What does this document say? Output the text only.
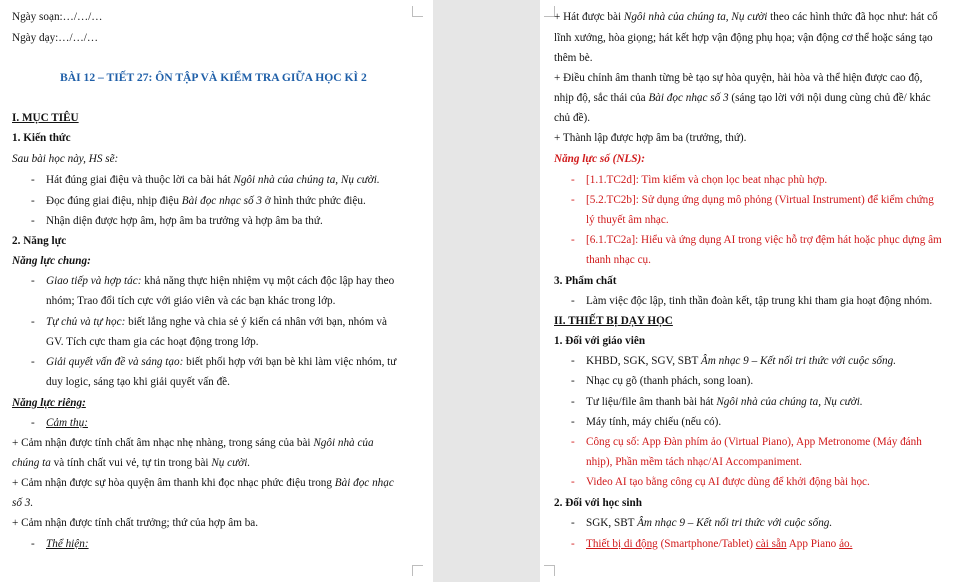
Ngày soạn:…/…/…
Ngày dạy:…/…/…
BÀI 12 – TIẾT 27: ÔN TẬP VÀ KIỂM TRA GIỮA HỌC KÌ 2
I. MỤC TIÊU
1. Kiến thức
Sau bài học này, HS sẽ:
- Hát đúng giai điệu và thuộc lời ca bài hát Ngôi nhà của chúng ta, Nụ cười.
- Đọc đúng giai điệu, nhịp điệu Bài đọc nhạc số 3 ở hình thức phức điệu.
- Nhận diện được hợp âm, hợp âm ba trưởng và hợp âm ba thứ.
2. Năng lực
Năng lực chung:
- Giao tiếp và hợp tác: khả năng thực hiện nhiệm vụ một cách độc lập hay theo
nhóm; Trao đổi tích cực với giáo viên và các bạn khác trong lớp.
- Tự chủ và tự học: biết lắng nghe và chia sẻ ý kiến cá nhân với bạn, nhóm và
GV. Tích cực tham gia các hoạt động trong lớp.
- Giải quyết vấn đề và sáng tạo: biết phối hợp với bạn bè khi làm việc nhóm, tư
duy logic, sáng tạo khi giải quyết vấn đề.
Năng lực riêng:
- Cảm thụ:
+ Cảm nhận được tính chất âm nhạc nhẹ nhàng, trong sáng của bài Ngôi nhà của
chúng ta và tính chất vui vẻ, tự tin trong bài Nụ cười.
+ Cảm nhận được sự hòa quyện âm thanh khi đọc nhạc phức điệu trong Bài đọc nhạc
số 3.
+ Cảm nhận được tính chất trưởng; thứ của hợp âm ba.
- Thể hiện:
+ Hát được bài Ngôi nhà của chúng ta, Nụ cười theo các hình thức đã học như: hát cố
lĩnh xướng, hòa giọng; hát kết hợp vận động phụ họa; vận động cơ thể hoặc sáng tạo
thêm bè.
+ Điều chỉnh âm thanh từng bè tạo sự hòa quyện, hài hòa và thể hiện được cao độ,
nhịp độ, sắc thái của Bài đọc nhạc số 3 (sáng tạo lời với nội dung cùng chủ đề/ khác
chủ đề).
+ Thành lập được hợp âm ba (trưởng, thứ).
Năng lực số (NLS):
- [1.1.TC2d]: Tìm kiếm và chọn lọc beat nhạc phù hợp.
- [5.2.TC2b]: Sử dụng ứng dụng mô phỏng (Virtual Instrument) để kiểm chứng
lý thuyết âm nhạc.
- [6.1.TC2a]: Hiểu và ứng dụng AI trong việc hỗ trợ đệm hát hoặc phục dựng âm
thanh nhạc cụ.
3. Phẩm chất
- Làm việc độc lập, tinh thần đoàn kết, tập trung khi tham gia hoạt động nhóm.
II. THIẾT BỊ DẠY HỌC
1. Đối với giáo viên
- KHBD, SGK, SGV, SBT Âm nhạc 9 – Kết nối tri thức với cuộc sống.
- Nhạc cụ gõ (thanh phách, song loan).
- Tư liệu/file âm thanh bài hát Ngôi nhà của chúng ta, Nụ cười.
- Máy tính, máy chiếu (nếu có).
- Công cụ số: App Đàn phím ảo (Virtual Piano), App Metronome (Máy đánh
nhịp), Phần mềm tách nhạc/AI Accompaniment.
- Video AI tạo bằng công cụ AI được dùng để khởi động bài học.
2. Đối với học sinh
- SGK, SBT Âm nhạc 9 – Kết nối tri thức với cuộc sống.
- Thiết bị di động (Smartphone/Tablet) cài sẵn App Piano ảo.
